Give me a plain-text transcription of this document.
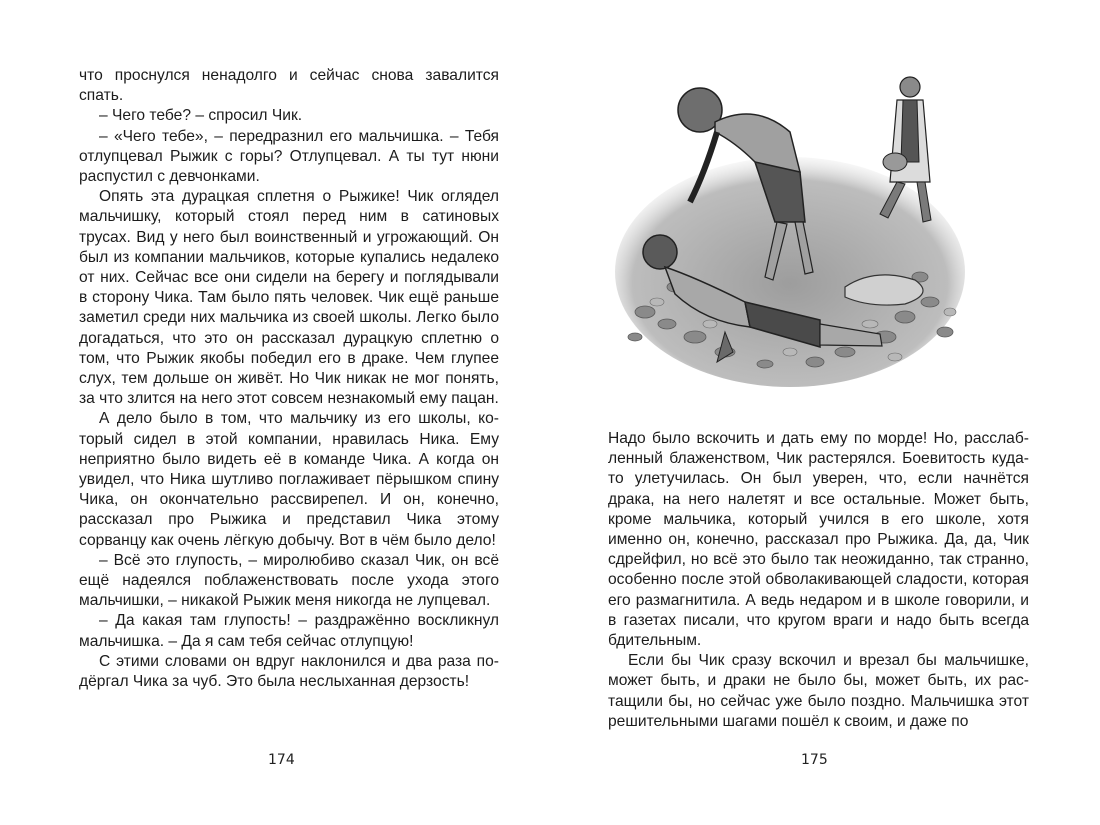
что проснулся ненадолго и сейчас снова завалится спать.

– Чего тебе? – спросил Чик.

– «Чего тебе», – передразнил его мальчишка. – Тебя отлупцевал Рыжик с горы? Отлупцевал. А ты тут нюни распустил с девчонками.

Опять эта дурацкая сплетня о Рыжике! Чик оглядел мальчишку, который стоял перед ним в сатиновых трусах. Вид у него был воинственный и угрожающий. Он был из компании мальчиков, которые купались недалеко от них. Сейчас все они сидели на берегу и поглядывали в сторону Чика. Там было пять человек. Чик ещё раньше заметил среди них мальчика из своей школы. Легко было догадаться, что это он рассказал дурацкую сплетню о том, что Рыжик якобы победил его в драке. Чем глупее слух, тем дольше он живёт. Но Чик никак не мог понять, за что злится на него этот совсем незнакомый ему пацан.

А дело было в том, что мальчику из его школы, который сидел в этой компании, нравилась Ника. Ему неприятно было видеть её в команде Чика. А когда он увидел, что Ника шутливо поглаживает пёрышком спину Чика, он окончательно рассвирепел. И он, конечно, рассказал про Рыжика и представил Чика этому сорванцу как очень лёгкую добычу. Вот в чём было дело!

– Всё это глупость, – миролюбиво сказал Чик, он всё ещё надеялся поблаженствовать после ухода этого мальчишки, – никакой Рыжик меня никогда не лупцевал.

– Да какая там глупость! – раздражённо воскликнул мальчишка. – Да я сам тебя сейчас отлупцую!

С этими словами он вдруг наклонился и два раза подёргал Чика за чуб. Это была неслыханная дерзость!

174

Надо было вскочить и дать ему по морде! Но, расслабленный блаженством, Чик растерялся. Боевитость куда-то улетучилась. Он был уверен, что, если начнётся драка, на него налетят и все остальные. Может быть, кроме мальчика, который учился в его школе, хотя именно он, конечно, рассказал про Рыжика. Да, да, Чик сдрейфил, но всё это было так неожиданно, так странно, особенно после этой обволакивающей сладости, которая его размагнитила. А ведь недаром и в школе говорили, и в газетах писали, что кругом враги и надо быть всегда бдительным.

Если бы Чик сразу вскочил и врезал бы мальчишке, может быть, и драки не было бы, может быть, их растащили бы, но сейчас уже было поздно. Мальчишка этот решительными шагами пошёл к своим, и даже по

175
